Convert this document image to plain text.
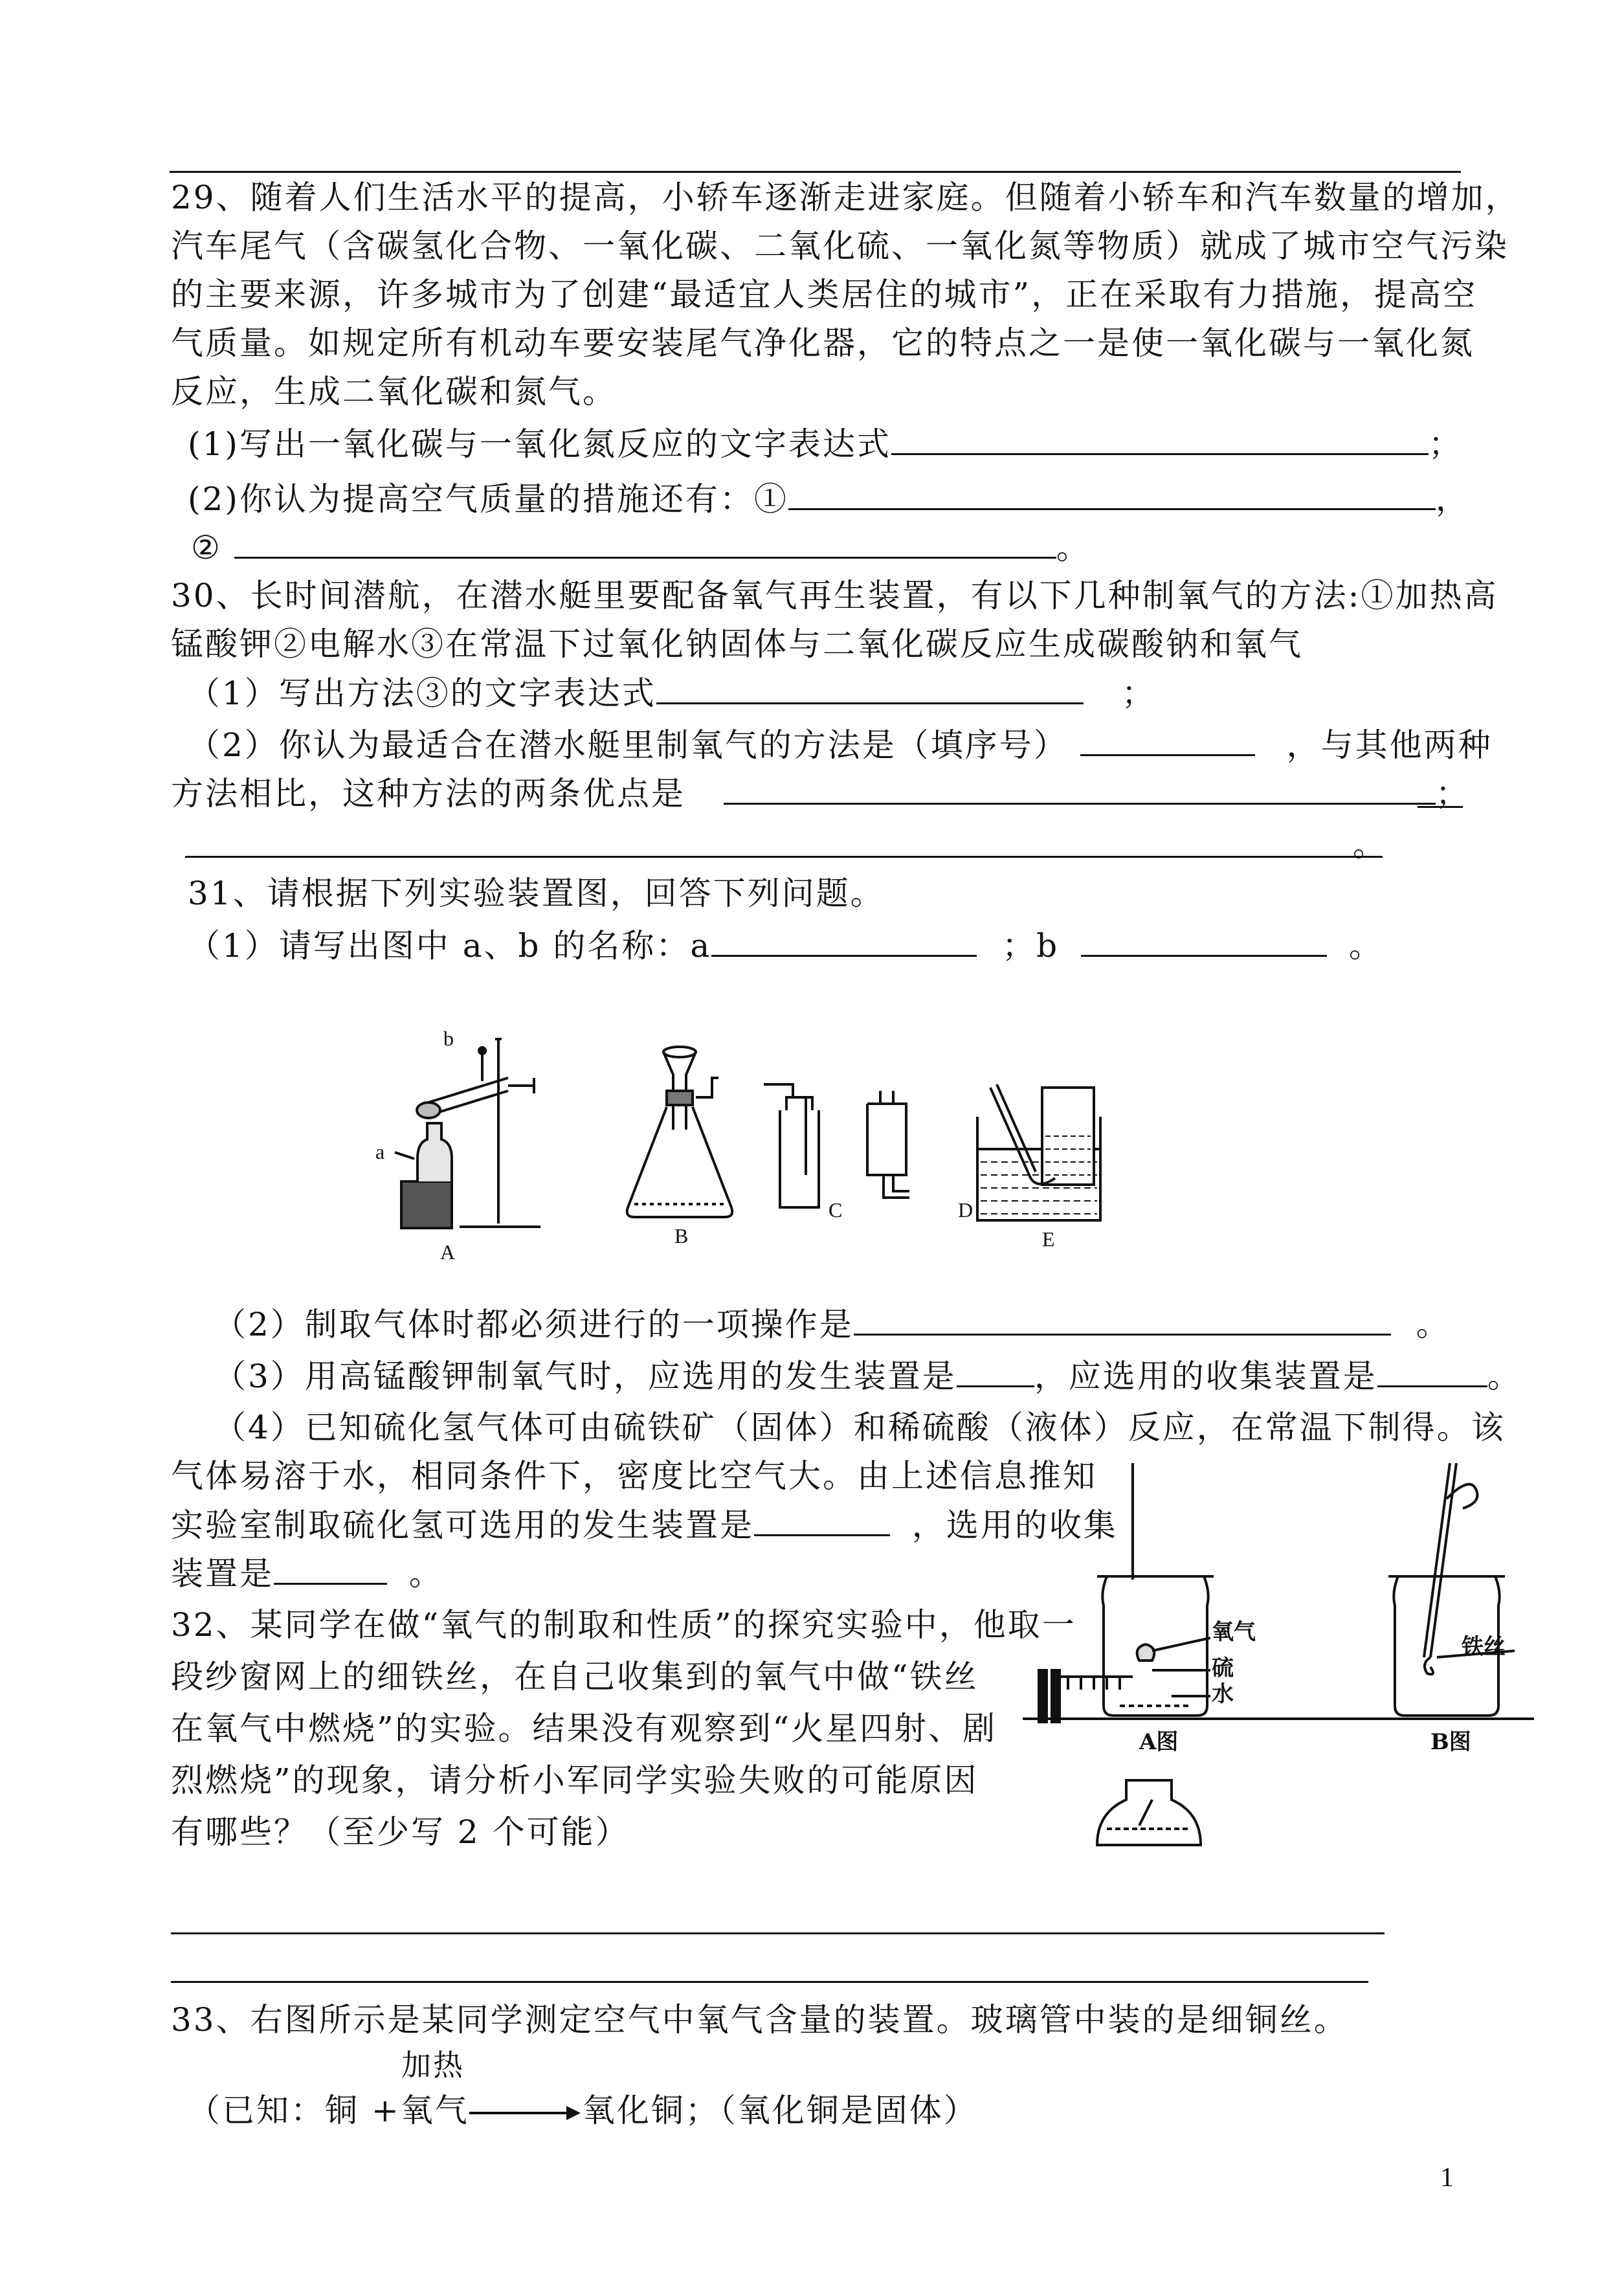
29、随着人们生活水平的提高，小轿车逐渐走进家庭。但随着小轿车和汽车数量的增加，
汽车尾气（含碳氢化合物、一氧化碳、二氧化硫、一氧化氮等物质）就成了城市空气污染
的主要来源，许多城市为了创建“最适宜人类居住的城市”，正在采取有力措施，提高空
气质量。如规定所有机动车要安装尾气净化器，它的特点之一是使一氧化碳与一氧化氮
反应，生成二氧化碳和氮气。
(1)写出一氧化碳与一氧化氮反应的文字表达式	；
(2)你认为提高空气质量的措施还有：①	，
②	。
30、长时间潜航，在潜水艇里要配备氧气再生装置，有以下几种制氧气的方法:①加热高
锰酸钾②电解水③在常温下过氧化钠固体与二氧化碳反应生成碳酸钠和氧气
（1）写出方法③的文字表达式	；
（2）你认为最适合在潜水艇里制氧气的方法是（填序号）	，与其他两种
方法相比，这种方法的两条优点是	；
。
31、请根据下列实验装置图，回答下列问题。
（1）请写出图中 a、b 的名称：a	；b	。
a
b
A
B
C	D
E
（2）制取气体时都必须进行的一项操作是	。
（3）用高锰酸钾制氧气时，应选用的发生装置是 ，应选用的收集装置是	。
（4）已知硫化氢气体可由硫铁矿（固体）和稀硫酸（液体）反应，在常温下制得。该
气体易溶于水，相同条件下，密度比空气大。由上述信息推知
实验室制取硫化氢可选用的发生装置是	，选用的收集
装置是	。
32、某同学在做“氧气的制取和性质”的探究实验中，他取一
段纱窗网上的细铁丝，在自己收集到的氧气中做“铁丝
在氧气中燃烧”的实验。结果没有观察到“火星四射、剧
烈燃烧”的现象，请分析小军同学实验失败的可能原因
有哪些？（至少写 2 个可能）
氧气
硫
水
铁丝
A图	B图
33、右图所示是某同学测定空气中氧气含量的装置。玻璃管中装的是细铜丝。
加热
（已知：铜 +氧气→氧化铜；（氧化铜是固体）
1
